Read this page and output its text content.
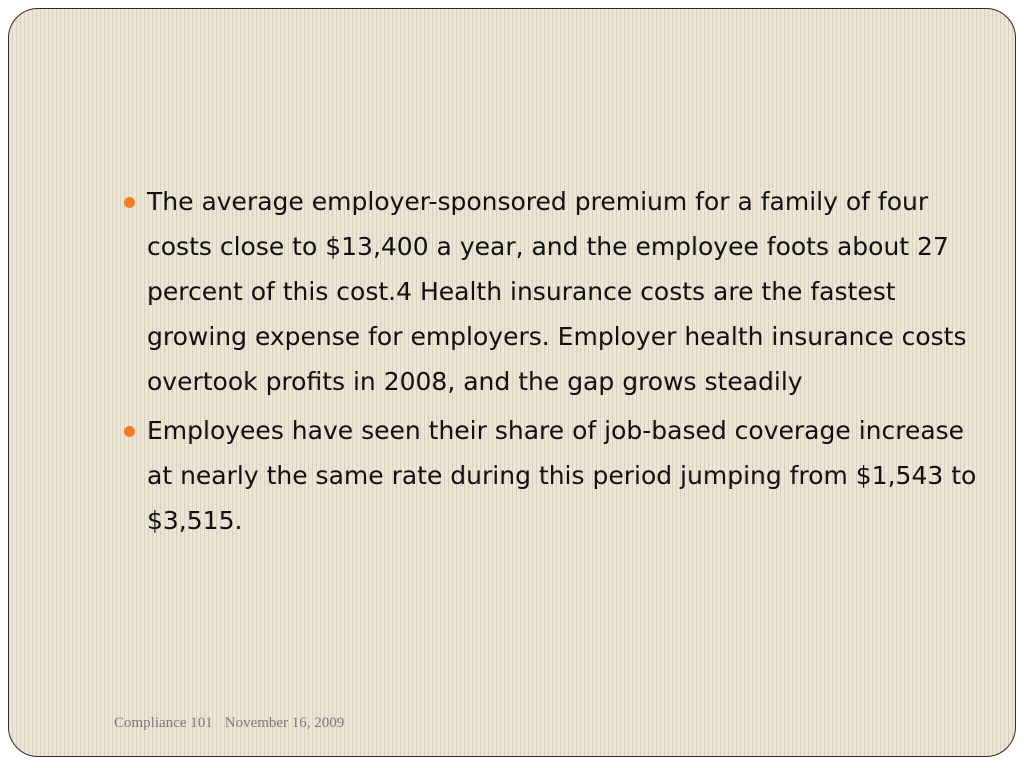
The average employer-sponsored premium for a family of four costs close to $13,400 a year, and the employee foots about 27 percent of this cost.4 Health insurance costs are the fastest growing expense for employers. Employer health insurance costs overtook profits in 2008, and the gap grows steadily
Employees have seen their share of job-based coverage increase at nearly the same rate during this period jumping from $1,543 to $3,515.
Compliance 101 November 16, 2009
